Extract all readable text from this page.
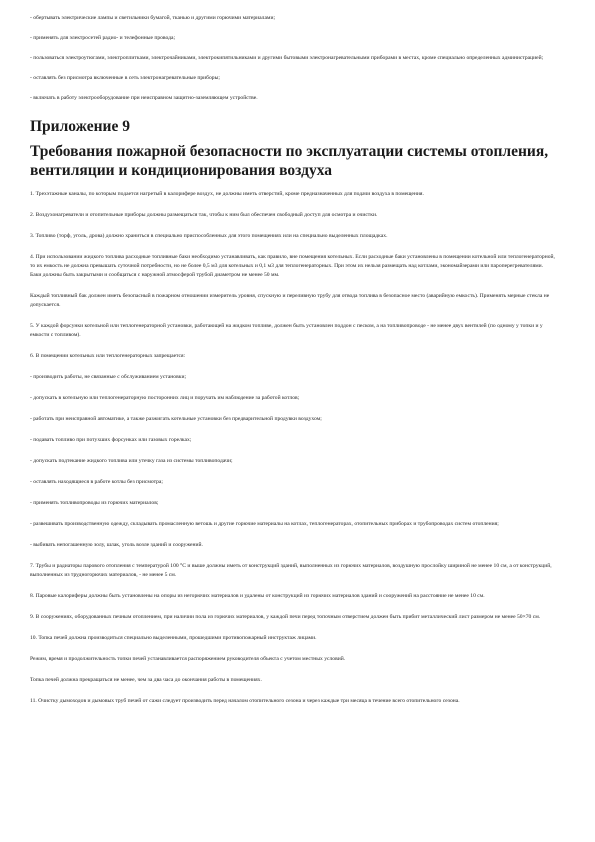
- обертывать электрические лампы и светильники бумагой, тканью и другими горючими материалами;

- применять для электросетей радио- и телефонные провода;

- пользоваться электроутюгами, электроплитками, электрочайниками, электрокипятильниками и другими бытовыми электронагревательными приборами в местах, кроме специально определенных администрацией;

- оставлять без присмотра включенные в сеть электронагревательные приборы;

- включать в работу электрооборудование при неисправном защитно-заземляющем устройстве.

Приложение 9
Требования пожарной безопасности по эксплуатации системы отопления, вентиляции и кондиционирования воздуха

1. Трехэтажные каналы, по которым подается нагретый в калорифере воздух, не должны иметь отверстий, кроме предназначенных для подачи воздуха в помещения.

2. Воздухонагреватели и отопительные приборы должны размещаться так, чтобы к ним был обеспечен свободный доступ для осмотра и очистки.

3. Топливо (торф, уголь, дрова) должно храниться в специально приспособленных для этого помещениях или на специально выделенных площадках.

4. При использовании жидкого топлива расходные топливные баки необходимо устанавливать, как правило, вне помещения котельных. Если расходные баки установлены в помещении котельной или теплогенераторной, то их емкость не должна превышать суточной потребности, но не более 0,5 м3 для котельных и 0,1 м3 для теплогенераторных. При этом их нельзя размещать над котлами, экономайзерами или пароперегревателями. Баки должны быть закрытыми и сообщаться с наружной атмосферой трубой диаметром не менее 50 мм.

Каждый топливный бак должен иметь безопасный в пожарном отношении измеритель уровня, спускную и переливную трубу для отвода топлива в безопасное место (аварийную емкость). Применять мерные стекла не допускается.

5. У каждой форсунки котельной или теплогенераторной установки, работающей на жидком топливе, должен быть установлен поддон с песком, а на топливопроводе - не менее двух вентилей (по одному у топки и у емкости с топливом).

6. В помещении котельных или теплогенераторных запрещается:

- производить работы, не связанные с обслуживанием установки;

- допускать в котельную или теплогенераторную посторонних лиц и поручать им наблюдение за работой котлов;

- работать при неисправной автоматике, а также разжигать котельные установки без предварительной продувки воздухом;

- подавать топливо при потухших форсунках или газовых горелках;

- допускать подтекание жидкого топлива или утечку газа из системы топливоподачи;

- оставлять находящиеся в работе котлы без присмотра;

- применять топливопроводы из горючих материалов;

- развешивать производственную одежду, складывать промасленную ветошь и другие горючие материалы на котлах, теплогенераторах, отопительных приборах и трубопроводах систем отопления;

- выбивать непогашенную золу, шлак, уголь возле зданий и сооружений.

7. Трубы и радиаторы парового отопления с температурой 100 °С и выше должны иметь от конструкций зданий, выполненных из горючих материалов, воздушную прослойку шириной не менее 10 см, а от конструкций, выполненных из трудногорючих материалов, - не менее 5 см.

8. Паровые калориферы должны быть установлены на опоры из негорючих материалов и удалены от конструкций из горючих материалов зданий и сооружений на расстояние не менее 10 см.

9. В сооружениях, оборудованных печным отоплением, при наличии пола из горючих материалов, у каждой печи перед топочным отверстием должен быть прибит металлический лист размером не менее 50×70 см.

10. Топка печей должна производиться специально выделенными, прошедшими противопожарный инструктаж лицами.

Режим, время и продолжительность топки печей устанавливается распоряжением руководителя объекта с учетом местных условий.

Топка печей должна прекращаться не менее, чем за два часа до окончания работы в помещениях.

11. Очистку дымоходов и дымовых труб печей от сажи следует производить перед началом отопительного сезона и через каждые три месяца в течение всего отопительного сезона.
